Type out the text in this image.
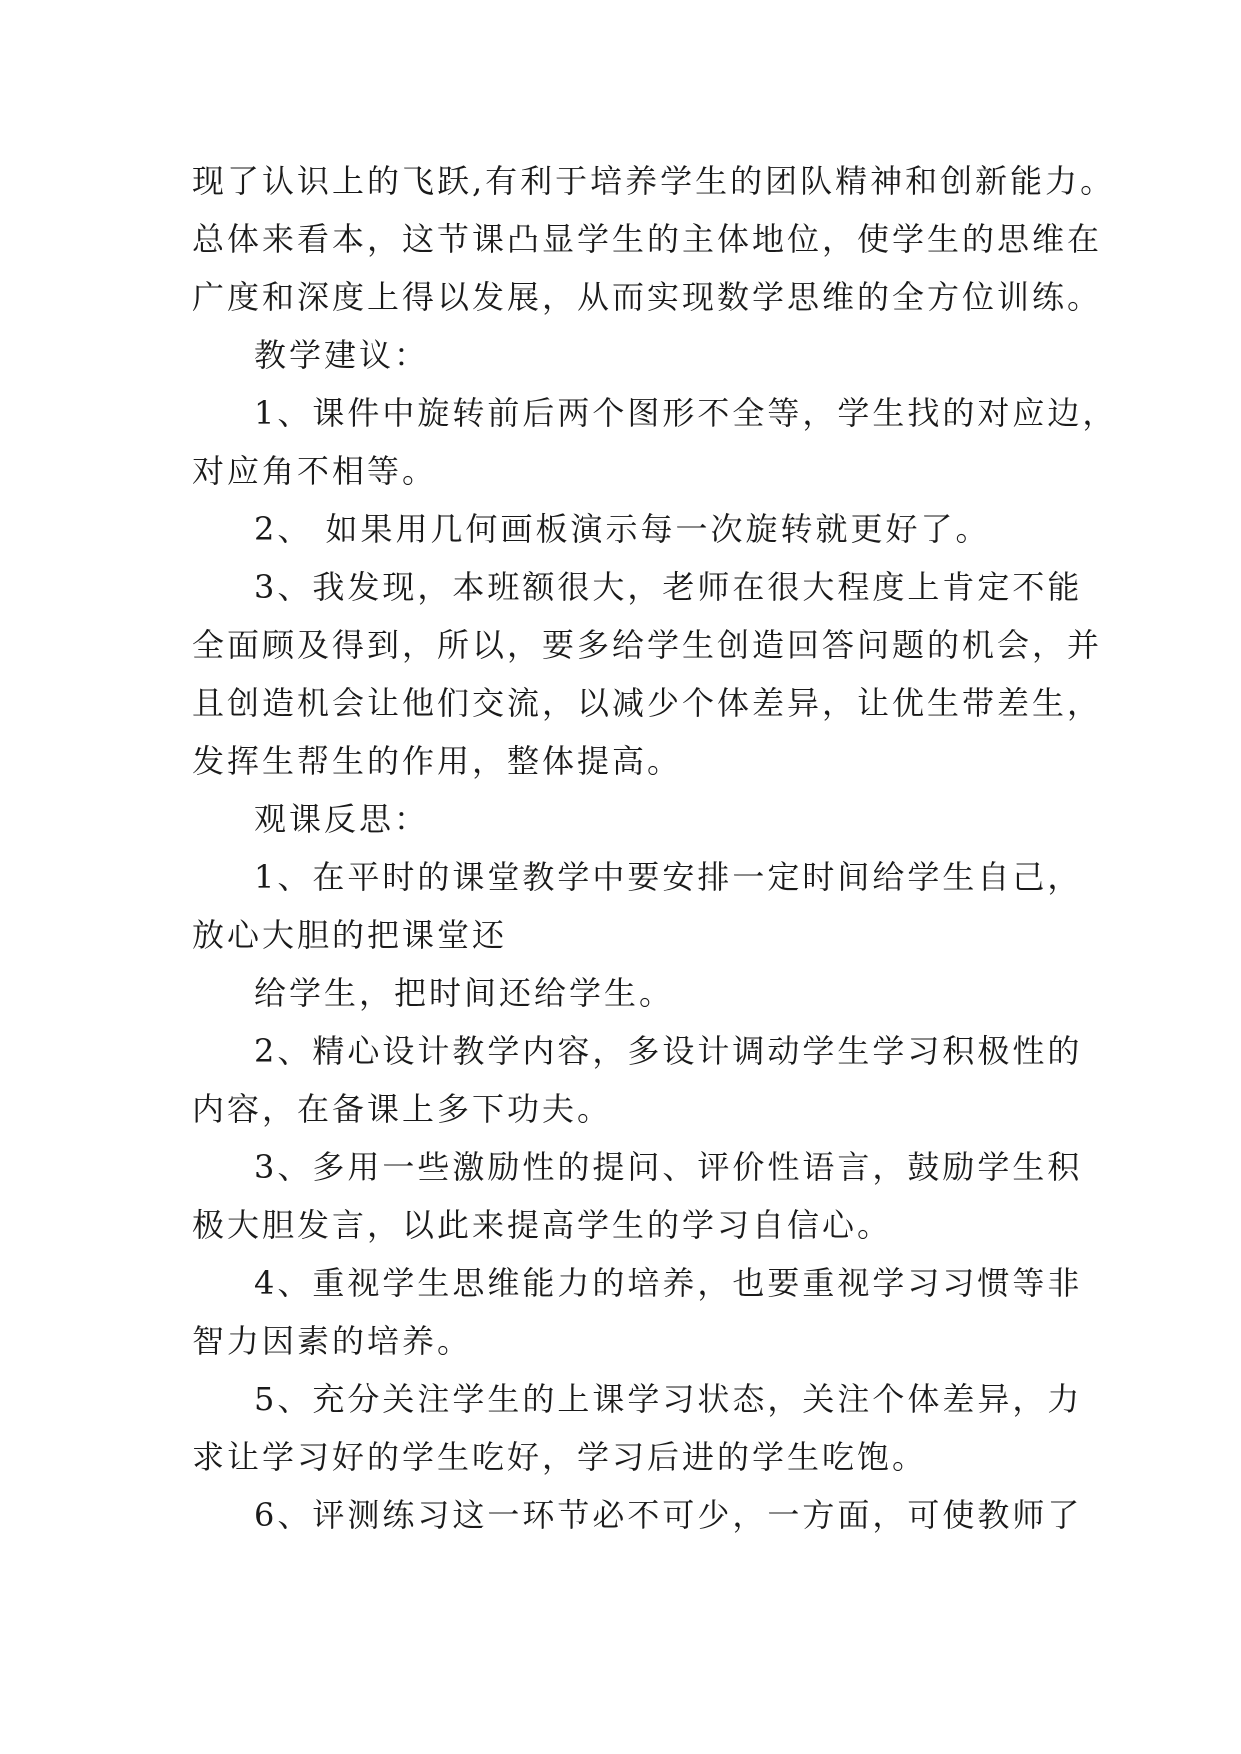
现了认识上的飞跃,有利于培养学生的团队精神和创新能力。
总体来看本，这节课凸显学生的主体地位，使学生的思维在
广度和深度上得以发展，从而实现数学思维的全方位训练。
教学建议：
1、课件中旋转前后两个图形不全等，学生找的对应边，
对应角不相等。
2、 如果用几何画板演示每一次旋转就更好了。
3、我发现，本班额很大，老师在很大程度上肯定不能
全面顾及得到，所以，要多给学生创造回答问题的机会，并
且创造机会让他们交流，以减少个体差异，让优生带差生，
发挥生帮生的作用，整体提高。
观课反思：
1、在平时的课堂教学中要安排一定时间给学生自己，
放心大胆的把课堂还
给学生，把时间还给学生。
2、精心设计教学内容，多设计调动学生学习积极性的
内容，在备课上多下功夫。
3、多用一些激励性的提问、评价性语言，鼓励学生积
极大胆发言，以此来提高学生的学习自信心。
4、重视学生思维能力的培养，也要重视学习习惯等非
智力因素的培养。
5、充分关注学生的上课学习状态，关注个体差异，力
求让学习好的学生吃好，学习后进的学生吃饱。
6、评测练习这一环节必不可少，一方面，可使教师了
